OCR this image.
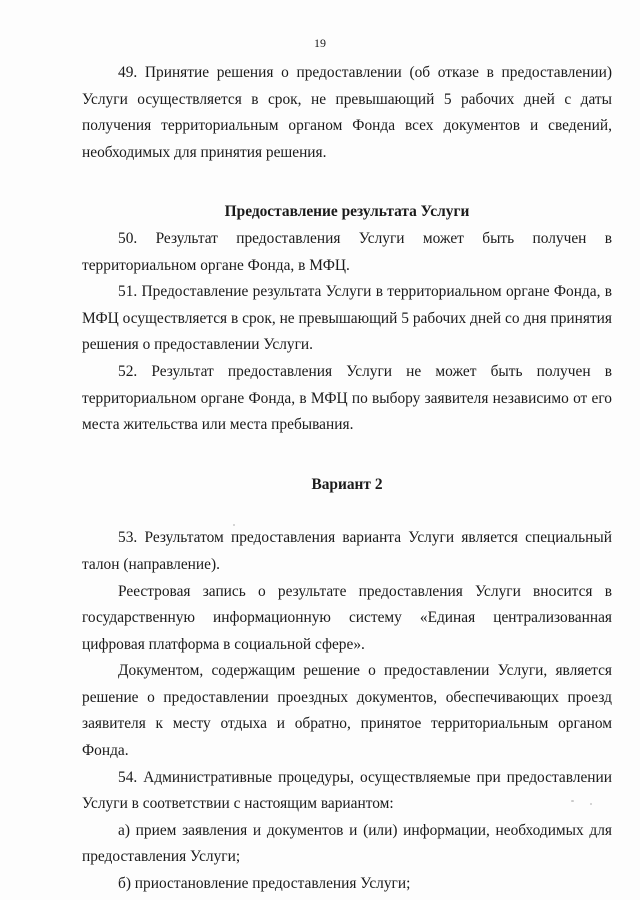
19

49. Принятие решения о предоставлении (об отказе в предоставлении) Услуги осуществляется в срок, не превышающий 5 рабочих дней с даты получения территориальным органом Фонда всех документов и сведений, необходимых для принятия решения.

Предоставление результата Услуги

50. Результат предоставления Услуги может быть получен в территориальном органе Фонда, в МФЦ.

51. Предоставление результата Услуги в территориальном органе Фонда, в МФЦ осуществляется в срок, не превышающий 5 рабочих дней со дня принятия решения о предоставлении Услуги.

52. Результат предоставления Услуги не может быть получен в территориальном органе Фонда, в МФЦ по выбору заявителя независимо от его места жительства или места пребывания.

Вариант 2

53. Результатом предоставления варианта Услуги является специальный талон (направление).

Реестровая запись о результате предоставления Услуги вносится в государственную информационную систему «Единая централизованная цифровая платформа в социальной сфере».

Документом, содержащим решение о предоставлении Услуги, является решение о предоставлении проездных документов, обеспечивающих проезд заявителя к месту отдыха и обратно, принятое территориальным органом Фонда.

54. Административные процедуры, осуществляемые при предоставлении Услуги в соответствии с настоящим вариантом:

а) прием заявления и документов и (или) информации, необходимых для предоставления Услуги;

б) приостановление предоставления Услуги;
